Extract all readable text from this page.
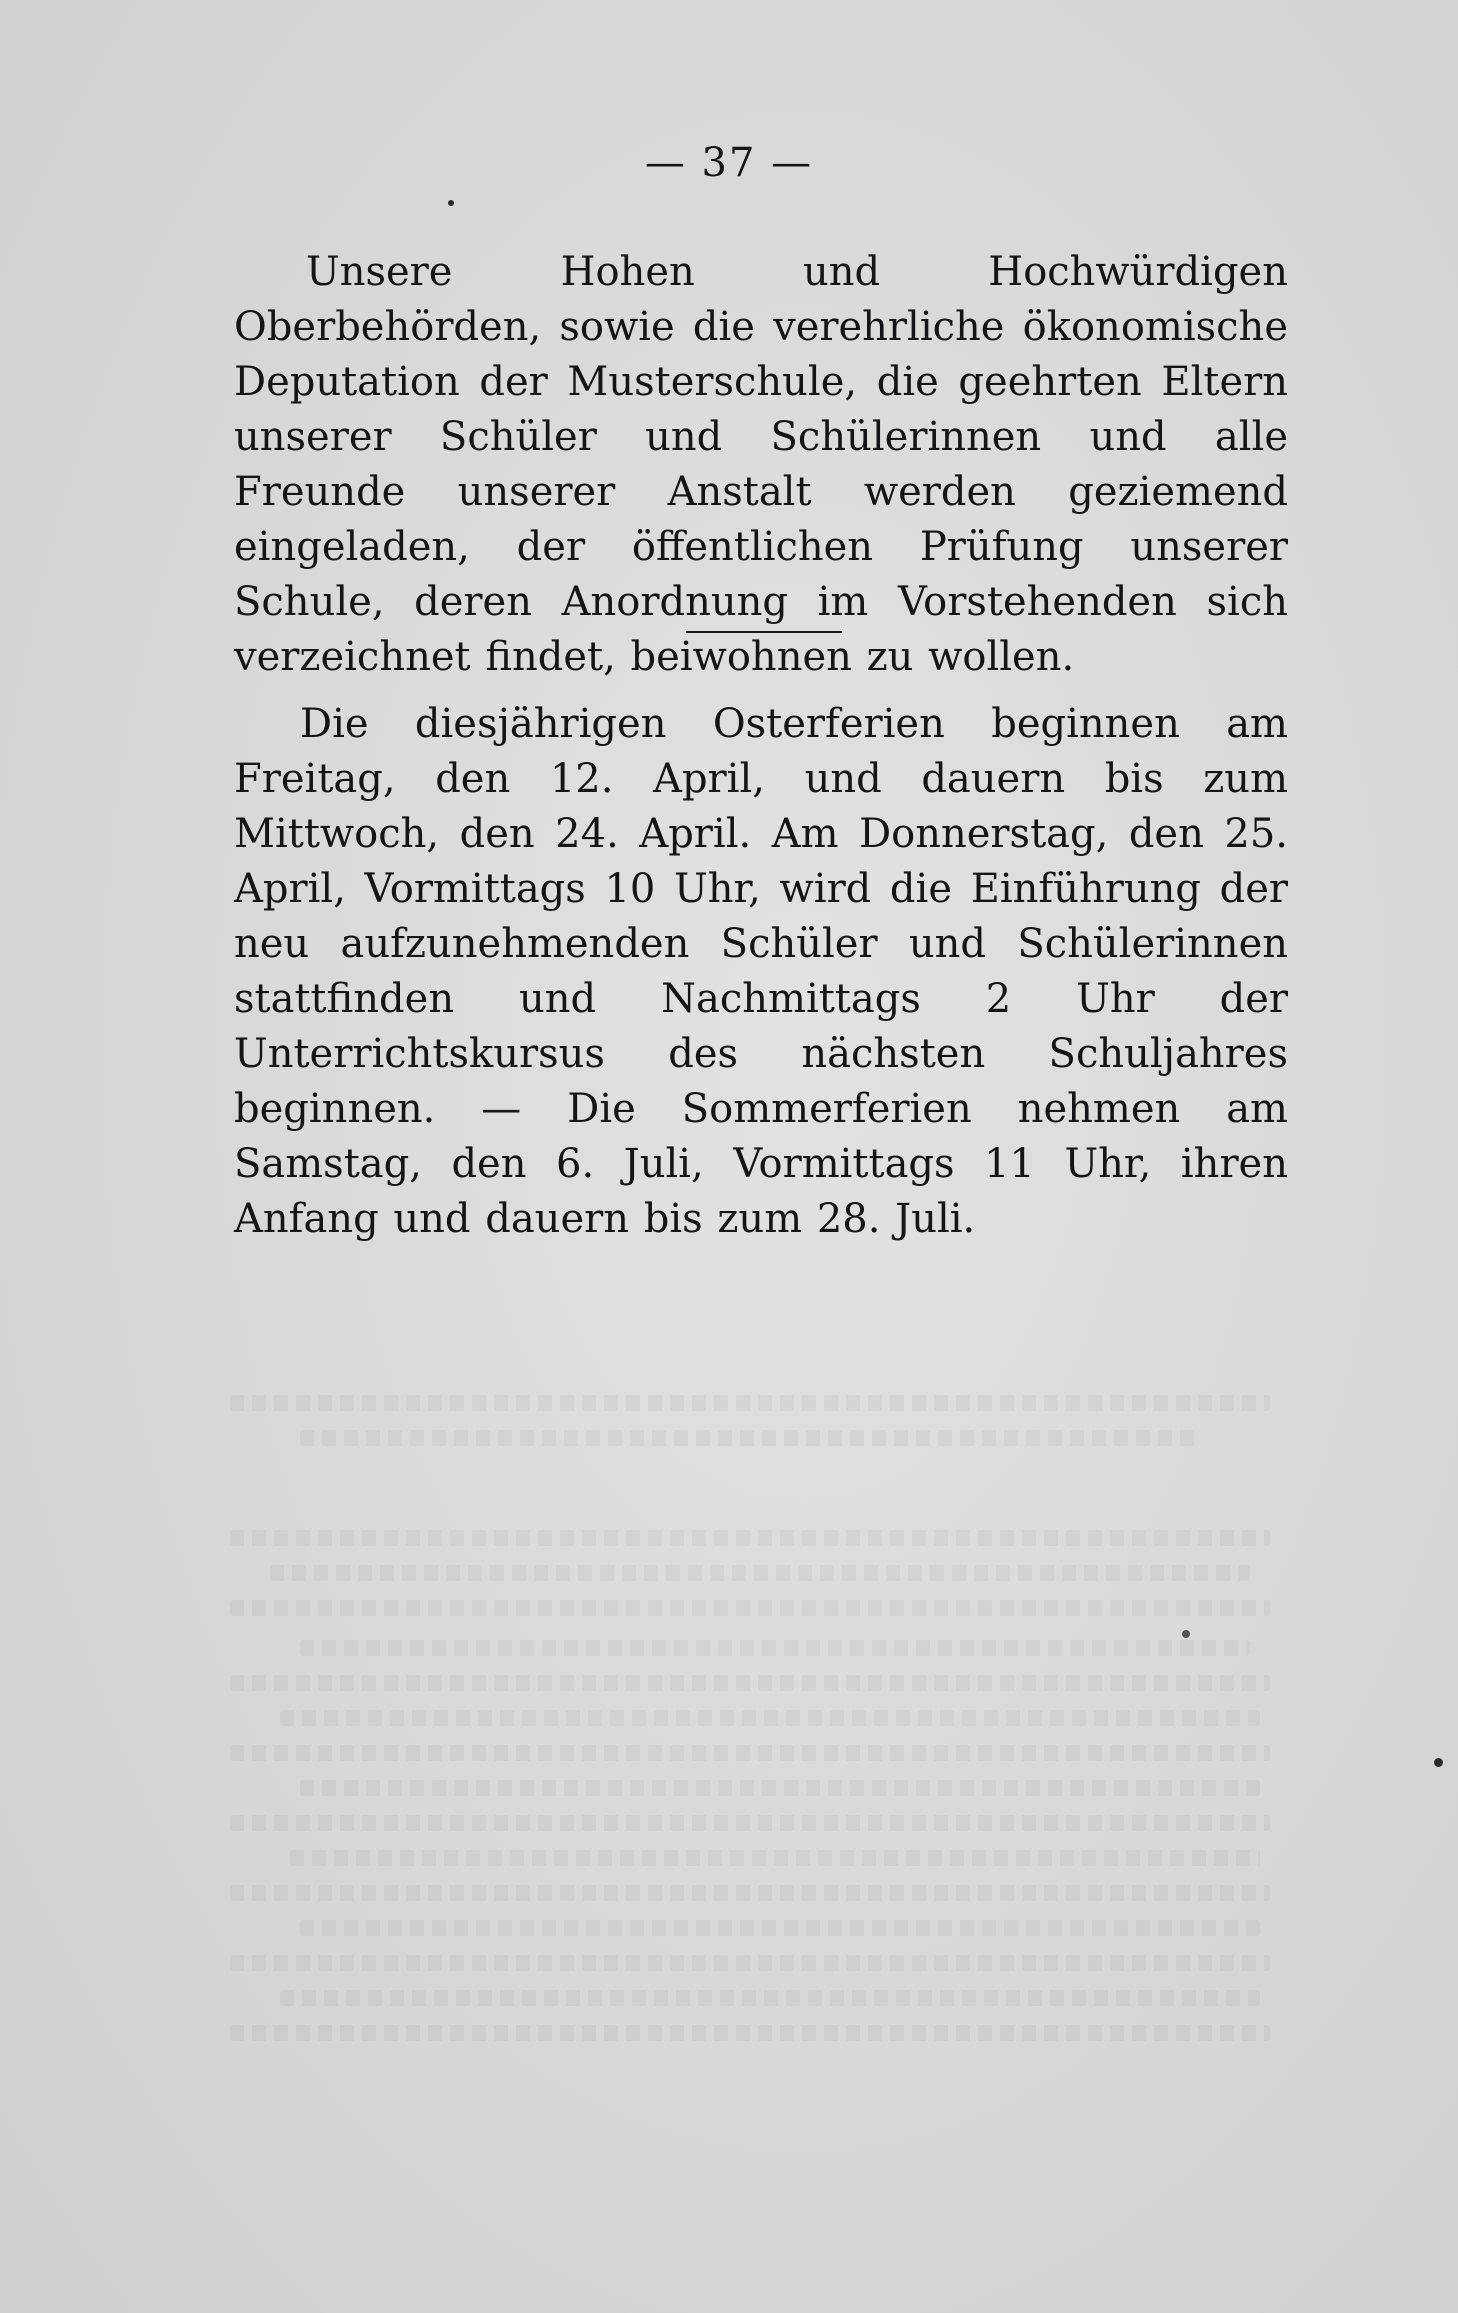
— 37 —

Unsere Hohen und Hochwürdigen Oberbehörden, sowie die verehrliche ökonomische Deputation der Musterschule, die geehrten Eltern unserer Schüler und Schülerinnen und alle Freunde unserer Anstalt werden geziemend eingeladen, der öffentlichen Prüfung unserer Schule, deren Anordnung im Vorstehenden sich verzeichnet findet, beiwohnen zu wollen.

Die diesjährigen Osterferien beginnen am Freitag, den 12. April, und dauern bis zum Mittwoch, den 24. April. Am Donnerstag, den 25. April, Vormittags 10 Uhr, wird die Einführung der neu aufzunehmenden Schüler und Schülerinnen stattfinden und Nachmittags 2 Uhr der Unterrichtskursus des nächsten Schuljahres beginnen. — Die Sommerferien nehmen am Samstag, den 6. Juli, Vormittags 11 Uhr, ihren Anfang und dauern bis zum 28. Juli.
